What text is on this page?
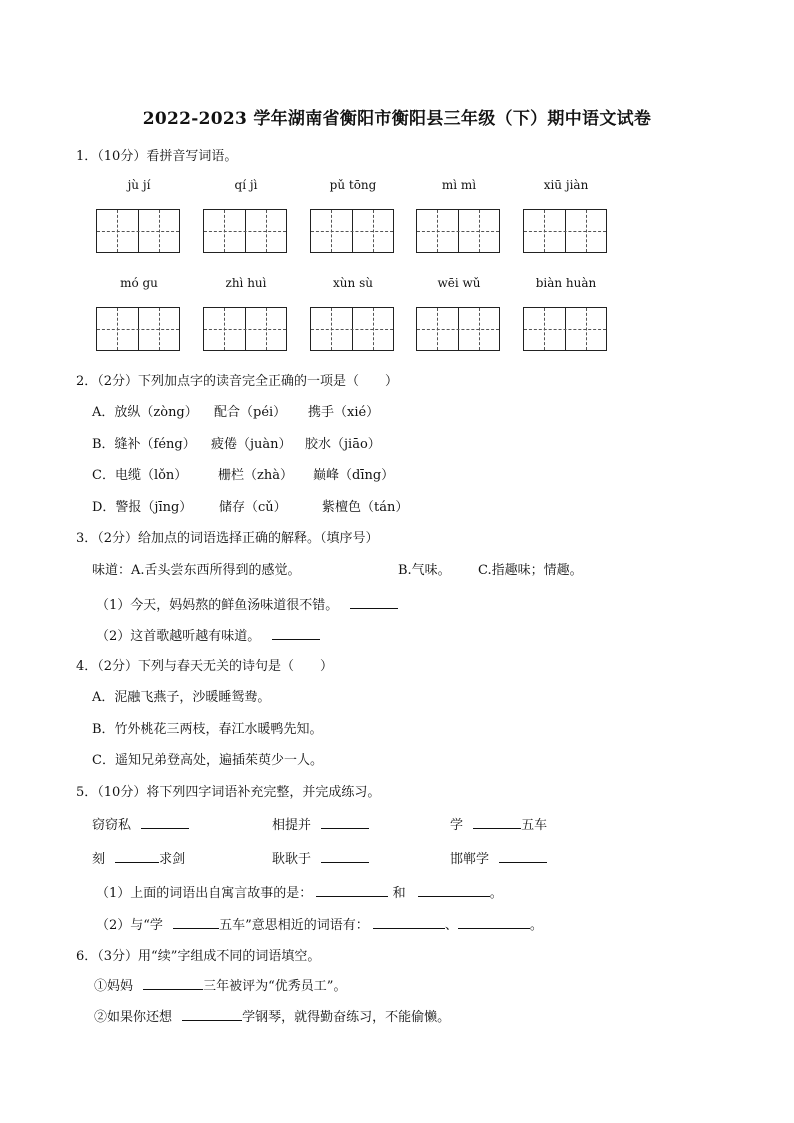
2022-2023 学年湖南省衡阳市衡阳县三年级（下）期中语文试卷
1．（10分）看拼音写词语。
jù jí	qí jì	pǔ tōng	mì mì	xiū jiàn
mó gu	zhì huì	xùn sù	wēi wǔ	biàn huàn
2．（2分）下列加点字的读音完全正确的一项是（　　）
A．放纵（zòng） 配合（péi） 携手（xié）
B．缝补（féng） 疲倦（juàn） 胶水（jiāo）
C．电缆（lǒn） 栅栏（zhà） 巅峰（dīng）
D．警报（jīng） 储存（cǔ）	紫檀色（tán）
3．（2分）给加点的词语选择正确的解释。（填序号）
味道：A.舌头尝东西所得到的感觉。	B.气味。 C.指趣味；情趣。
（1）今天，妈妈熬的鲜鱼汤味道很不错。
（2）这首歌越听越有味道。
4．（2分）下列与春天无关的诗句是（　　）
A．泥融飞燕子，沙暖睡鸳鸯。
B．竹外桃花三两枝，春江水暖鸭先知。
C．遥知兄弟登高处，遍插茱萸少一人。
5．（10分）将下列四字词语补充完整，并完成练习。
窃窃私	相提并	学	五车
刻	求剑	耿耿于	邯郸学
（1）上面的词语出自寓言故事的是：	和	。
（2）与“学	五车”意思相近的词语有：	、	。
6．（3分）用“续”字组成不同的词语填空。
①妈妈	三年被评为“优秀员工”。
②如果你还想	学钢琴，就得勤奋练习，不能偷懒。
